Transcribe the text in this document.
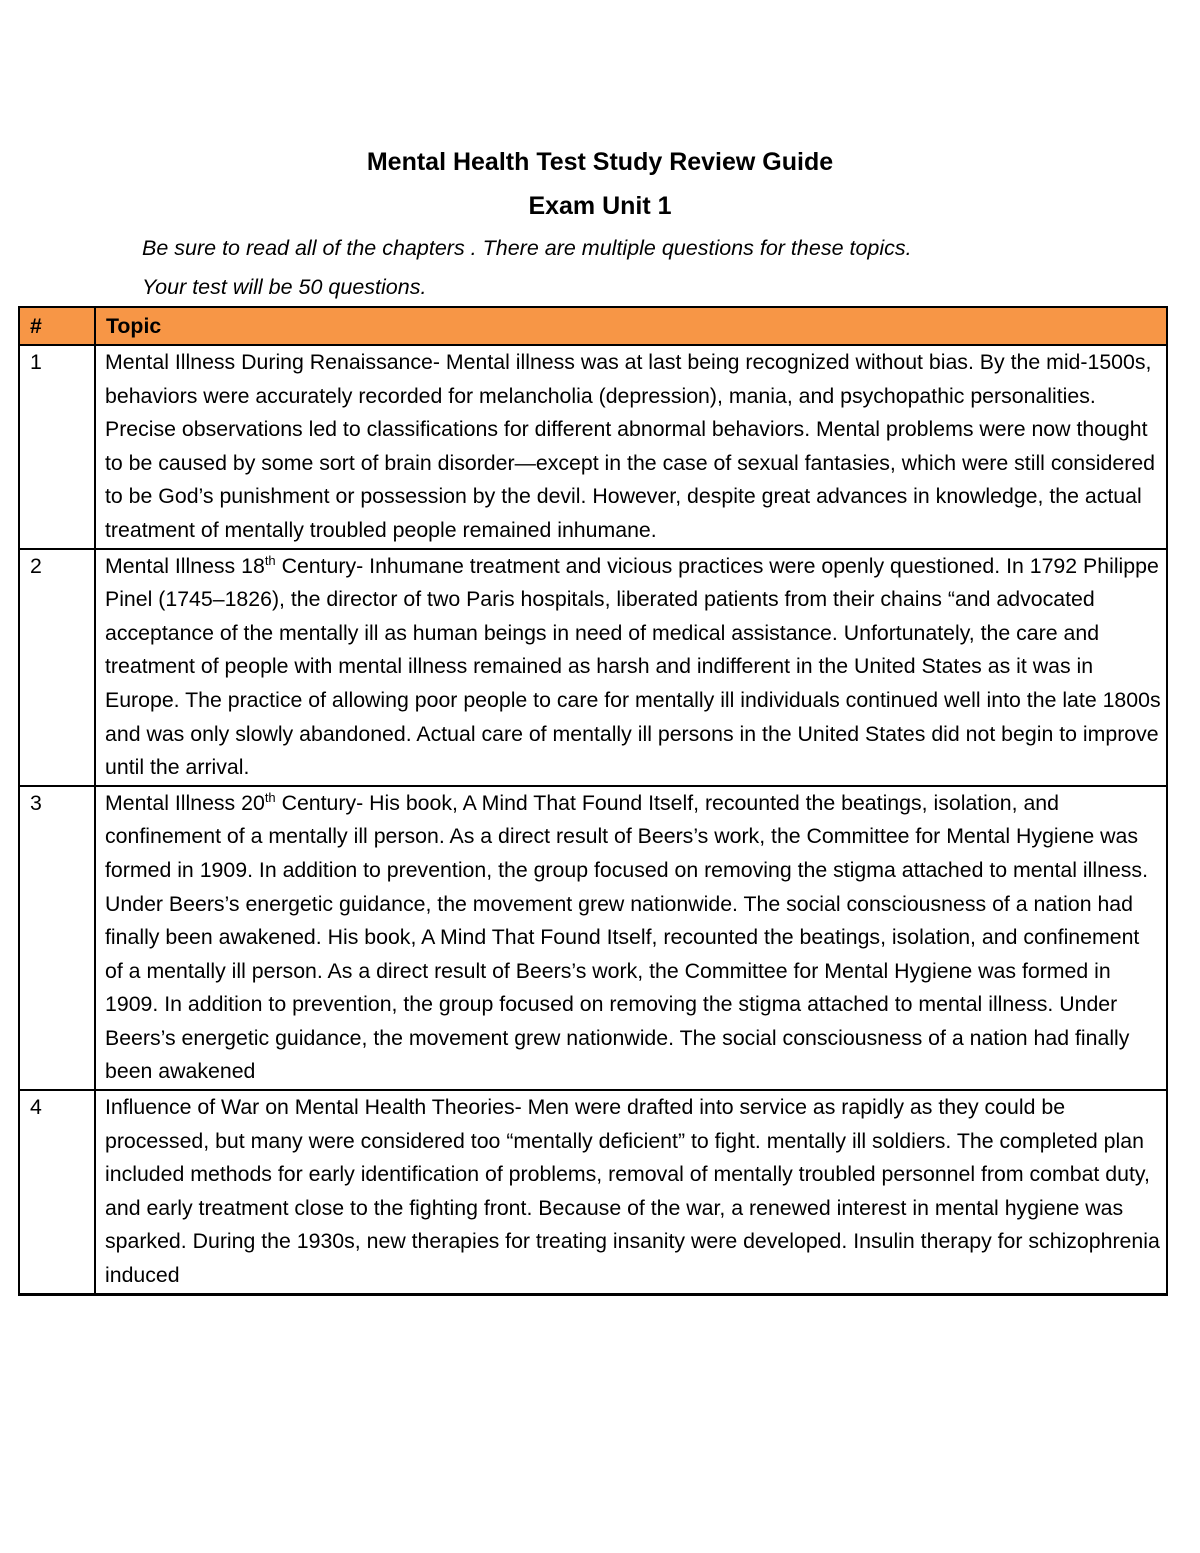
Mental Health Test Study Review Guide
Exam Unit 1
Be sure to read all of the chapters . There are multiple questions for these topics.
Your test will be 50 questions.
#	Topic
1	Mental Illness During Renaissance- Mental illness was at last being recognized without bias. By the mid-1500s, behaviors were accurately recorded for melancholia (depression), mania, and psychopathic personalities. Precise observations led to classifications for different abnormal behaviors. Mental problems were now thought to be caused by some sort of brain disorder—except in the case of sexual fantasies, which were still considered to be God’s punishment or possession by the devil. However, despite great advances in knowledge, the actual treatment of mentally troubled people remained inhumane.
2	Mental Illness 18th Century- Inhumane treatment and vicious practices were openly questioned. In 1792 Philippe Pinel (1745–1826), the director of two Paris hospitals, liberated patients from their chains “and advocated acceptance of the mentally ill as human beings in need of medical assistance. Unfortunately, the care and treatment of people with mental illness remained as harsh and indifferent in the United States as it was in Europe. The practice of allowing poor people to care for mentally ill individuals continued well into the late 1800s and was only slowly abandoned. Actual care of mentally ill persons in the United States did not begin to improve until the arrival.
3	Mental Illness 20th Century- His book, A Mind That Found Itself, recounted the beatings, isolation, and confinement of a mentally ill person. As a direct result of Beers’s work, the Committee for Mental Hygiene was formed in 1909. In addition to prevention, the group focused on removing the stigma attached to mental illness. Under Beers’s energetic guidance, the movement grew nationwide. The social consciousness of a nation had finally been awakened. His book, A Mind That Found Itself, recounted the beatings, isolation, and confinement of a mentally ill person. As a direct result of Beers’s work, the Committee for Mental Hygiene was formed in 1909. In addition to prevention, the group focused on removing the stigma attached to mental illness. Under Beers’s energetic guidance, the movement grew nationwide. The social consciousness of a nation had finally been awakened
4	Influence of War on Mental Health Theories- Men were drafted into service as rapidly as they could be processed, but many were considered too “mentally deficient” to fight. mentally ill soldiers. The completed plan included methods for early identification of problems, removal of mentally troubled personnel from combat duty, and early treatment close to the fighting front. Because of the war, a renewed interest in mental hygiene was sparked. During the 1930s, new therapies for treating insanity were developed. Insulin therapy for schizophrenia induced
